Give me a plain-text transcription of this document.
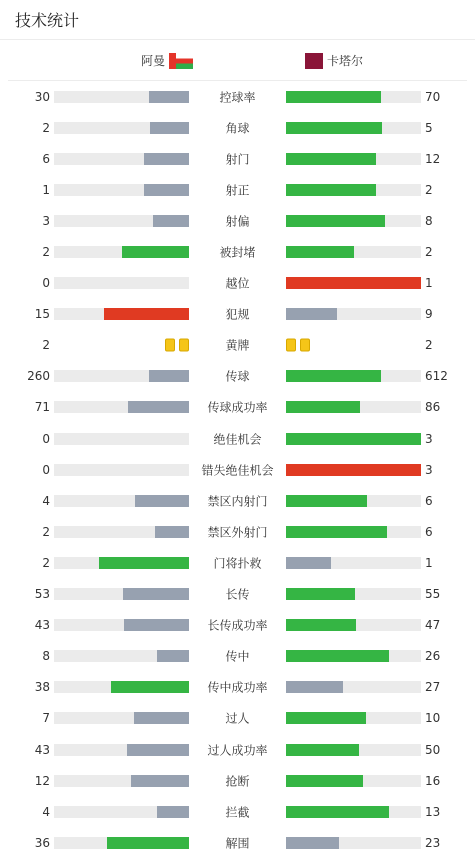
技术统计
阿曼	卡塔尔
30	控球率	70
2	角球	5
6	射门	12
1	射正	2
3	射偏	8
2	被封堵	2
0	越位	1
15	犯规	9
2	黄牌	2
260	传球	612
71	传球成功率	86
0	绝佳机会	3
0	错失绝佳机会	3
4	禁区内射门	6
2	禁区外射门	6
2	门将扑救	1
53	长传	55
43	长传成功率	47
8	传中	26
38	传中成功率	27
7	过人	10
43	过人成功率	50
12	抢断	16
4	拦截	13
36	解围	23
